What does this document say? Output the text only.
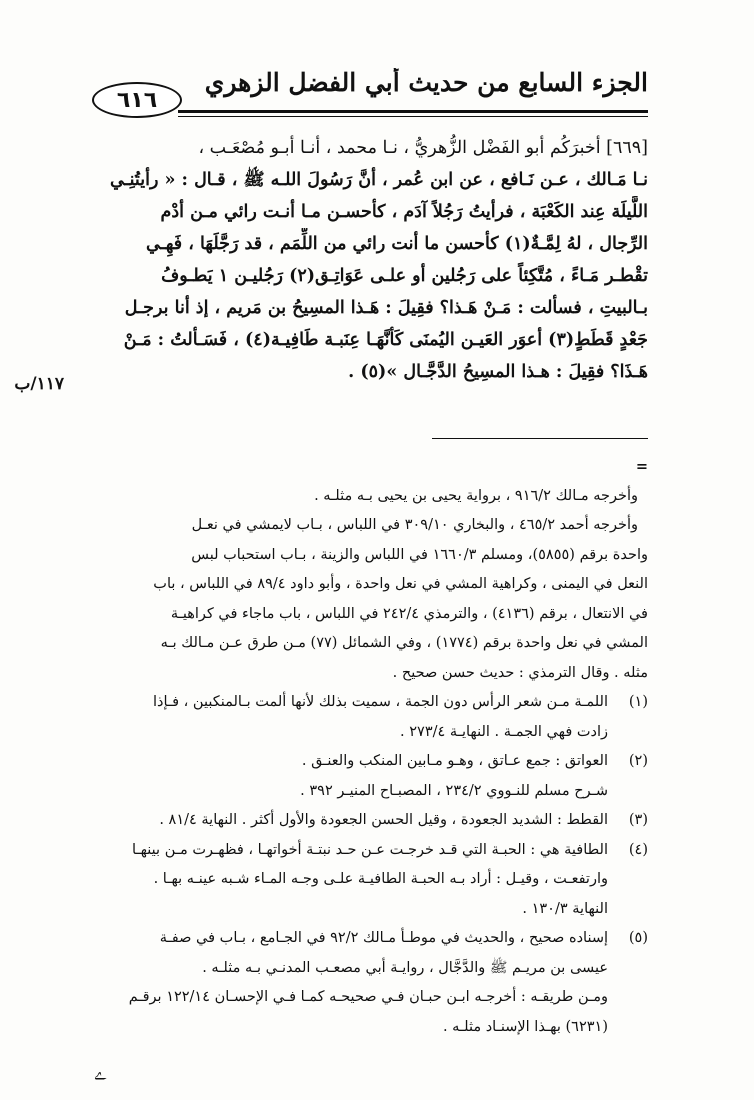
٦١٦
الجزء السابع من حديث أبي الفضل الزهري
[٦٦٩] أخبرَكُم أبو الفَضْل الزُّهريُّ ، نـا محمد ، أنـا أبـو مُصْعَـب ،
نـا مَـالك ، عـن نَـافع ، عن ابن عُمر ، أنَّ رَسُولَ اللـه ﷺ ، قـال : « رأيتُنِـي
اللَّيلَة عِند الكَعْبَة ، فرأيتُ رَجُلاً آدَم ، كأحسـن مـا أنـت رائي مـن أدْم
الرِّجال ، لهُ لِمَّـةٌ(١) كأحسن ما أنت رائي من اللِّمَم ، قد رَجَّلَهَا ، فَهِـي
تقْطـر مَـاءً ، مُتَّكِئاً على رَجُلين أو علـى عَوَاتِـق(٢) رَجُليـن ١ يَطـوفُ
بـالبيتِ ، فسألت : مَـنْ هَـذا؟ فقِيلَ : هَـذا المسِيحُ بن مَريم ، إذ أنا برجـل
جَعْدٍ قَطَطٍ(٣) أعوَر العَيـن اليُمنَى كَأنَّهَـا عِنَبـة طَافِيـة(٤) ، فَسَـألتُ : مَـنْ
هَـذَا؟ فقِيلَ : هـذا المسِيحُ الدَّجَّـال »(٥) .
١١٧/ب
=
وأخرجه مـالك ٩١٦/٢ ، برواية يحيى بن يحيى بـه مثلـه .
وأخرجه أحمد ٤٦٥/٢ ، والبخاري ٣٠٩/١٠ في اللباس ، بـاب لايمشي في نعـل
واحدة برقم (٥٨٥٥)، ومسلم ١٦٦٠/٣ في اللباس والزينة ، بـاب استحباب لبس
النعل في اليمنى ، وكراهية المشي في نعل واحدة ، وأبو داود ٨٩/٤ في اللباس ، باب
في الانتعال ، برقم (٤١٣٦) ، والترمذي ٢٤٢/٤ في اللباس ، باب ماجاء في كراهيـة
المشي في نعل واحدة برقم (١٧٧٤) ، وفي الشمائل (٧٧) مـن طرق عـن مـالك بـه
مثله . وقال الترمذي : حديث حسن صحيح .
(١)
اللمـة مـن شعر الرأس دون الجمة ، سميت بذلك لأنها ألمت بـالمنكبين ، فـإذا
زادت فهي الجمـة . النهايـة ٢٧٣/٤ .
(٢)
العواتق : جمع عـاتق ، وهـو مـابين المنكب والعنـق .
شـرح مسلم للنـووي ٢٣٤/٢ ، المصبـاح المنيـر ٣٩٢ .
(٣)
القطط : الشديد الجعودة ، وقيل الحسن الجعودة والأول أكثر . النهاية ٨١/٤ .
(٤)
الطافية هي : الحبـة التي قـد خرجـت عـن حـد نبتـة أخواتهـا ، فظهـرت مـن بينهـا
وارتفعـت ، وقيـل : أراد بـه الحبـة الطافيـة علـى وجـه المـاء شـبه عينـه بهـا .
النهاية ١٣٠/٣ .
(٥)
إسناده صحيح ، والحديث في موطـأ مـالك ٩٢/٢ في الجـامع ، بـاب في صفـة
عيسى بن مريـم ﷺ والدَّجَّال ، روايـة أبي مصعـب المدنـي بـه مثلـه .
ومـن طريقـه : أخرجـه ابـن حبـان فـي صحيحـه كمـا فـي الإحسـان ١٢٢/١٤ برقـم
(٦٢٣١) بهـذا الإسنـاد مثلـه .
ﮮ
